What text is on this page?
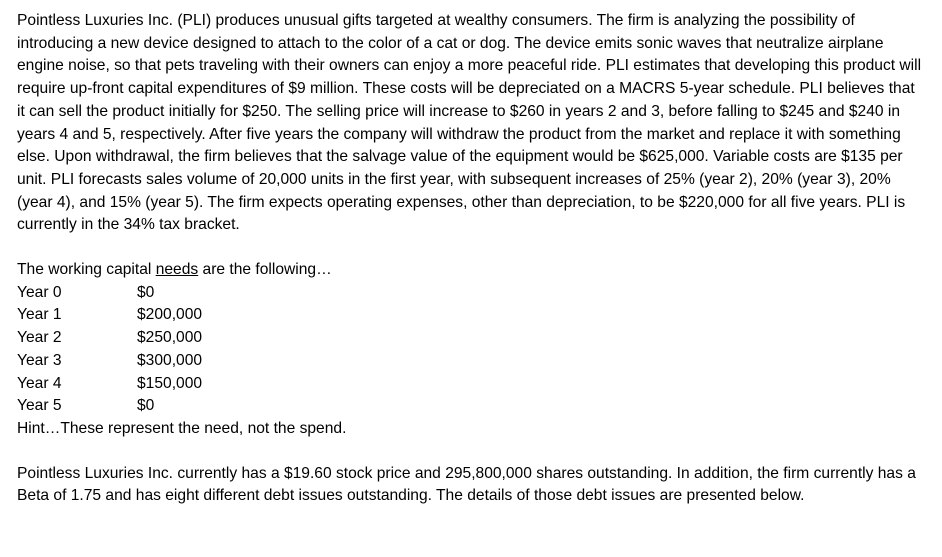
Pointless Luxuries Inc. (PLI) produces unusual gifts targeted at wealthy consumers. The firm is analyzing the possibility of introducing a new device designed to attach to the color of a cat or dog. The device emits sonic waves that neutralize airplane engine noise, so that pets traveling with their owners can enjoy a more peaceful ride. PLI estimates that developing this product will require up-front capital expenditures of $9 million. These costs will be depreciated on a MACRS 5-year schedule. PLI believes that it can sell the product initially for $250. The selling price will increase to $260 in years 2 and 3, before falling to $245 and $240 in years 4 and 5, respectively. After five years the company will withdraw the product from the market and replace it with something else. Upon withdrawal, the firm believes that the salvage value of the equipment would be $625,000. Variable costs are $135 per unit. PLI forecasts sales volume of 20,000 units in the first year, with subsequent increases of 25% (year 2), 20% (year 3), 20% (year 4), and 15% (year 5). The firm expects operating expenses, other than depreciation, to be $220,000 for all five years. PLI is currently in the 34% tax bracket.

The working capital needs are the following…

Year 0	$0
Year 1	$200,000
Year 2	$250,000
Year 3	$300,000
Year 4	$150,000
Year 5	$0

Hint…These represent the need, not the spend.

Pointless Luxuries Inc. currently has a $19.60 stock price and 295,800,000 shares outstanding. In addition, the firm currently has a Beta of 1.75 and has eight different debt issues outstanding. The details of those debt issues are presented below.
